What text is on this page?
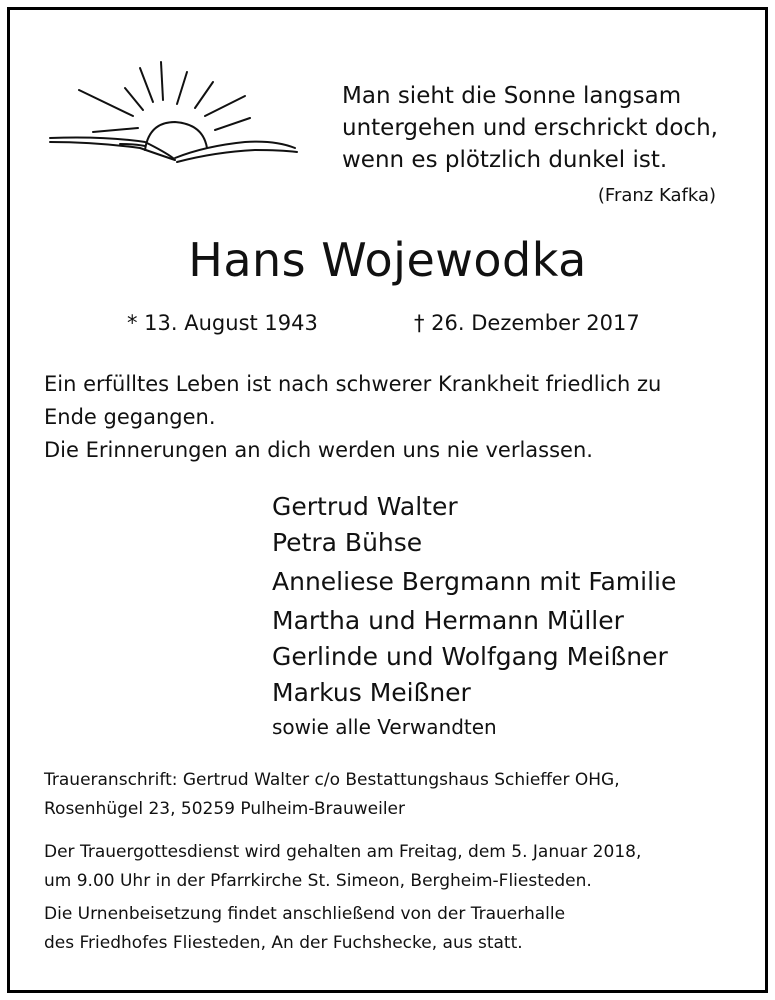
Man sieht die Sonne langsam
untergehen und erschrickt doch,
wenn es plötzlich dunkel ist.
(Franz Kafka)
Hans Wojewodka
* 13. August 1943	† 26. Dezember 2017
Ein erfülltes Leben ist nach schwerer Krankheit friedlich zu
Ende gegangen.
Die Erinnerungen an dich werden uns nie verlassen.
Gertrud Walter
Petra Bühse
Anneliese Bergmann mit Familie
Martha und Hermann Müller
Gerlinde und Wolfgang Meißner
Markus Meißner
sowie alle Verwandten
Traueranschrift: Gertrud Walter c/o Bestattungshaus Schieffer OHG,
Rosenhügel 23, 50259 Pulheim-Brauweiler
Der Trauergottesdienst wird gehalten am Freitag, dem 5. Januar 2018,
um 9.00 Uhr in der Pfarrkirche St. Simeon, Bergheim-Fliesteden.
Die Urnenbeisetzung findet anschließend von der Trauerhalle
des Friedhofes Fliesteden, An der Fuchshecke, aus statt.
